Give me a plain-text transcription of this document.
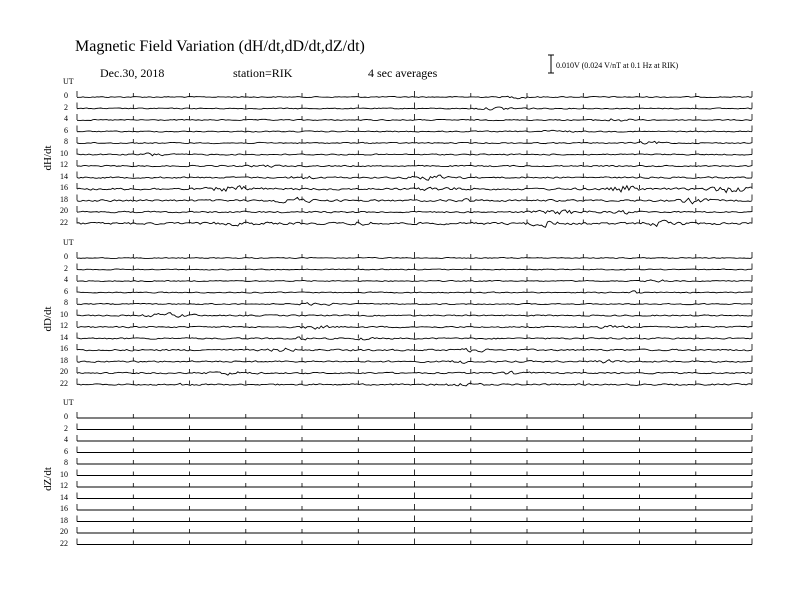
Magnetic Field Variation (dH/dt,dD/dt,dZ/dt)
Dec.30, 2018	station=RIK	4 sec averages
0.010V (0.024 V/nT at 0.1 Hz at RIK)
UT
dH/dt
0
2
4
6
8
10
12
14
16
18
20
22
UT
dD/dt
0
2
4
6
8
10
12
14
16
18
20
22
UT
dZ/dt
0
2
4
6
8
10
12
14
16
18
20
22
